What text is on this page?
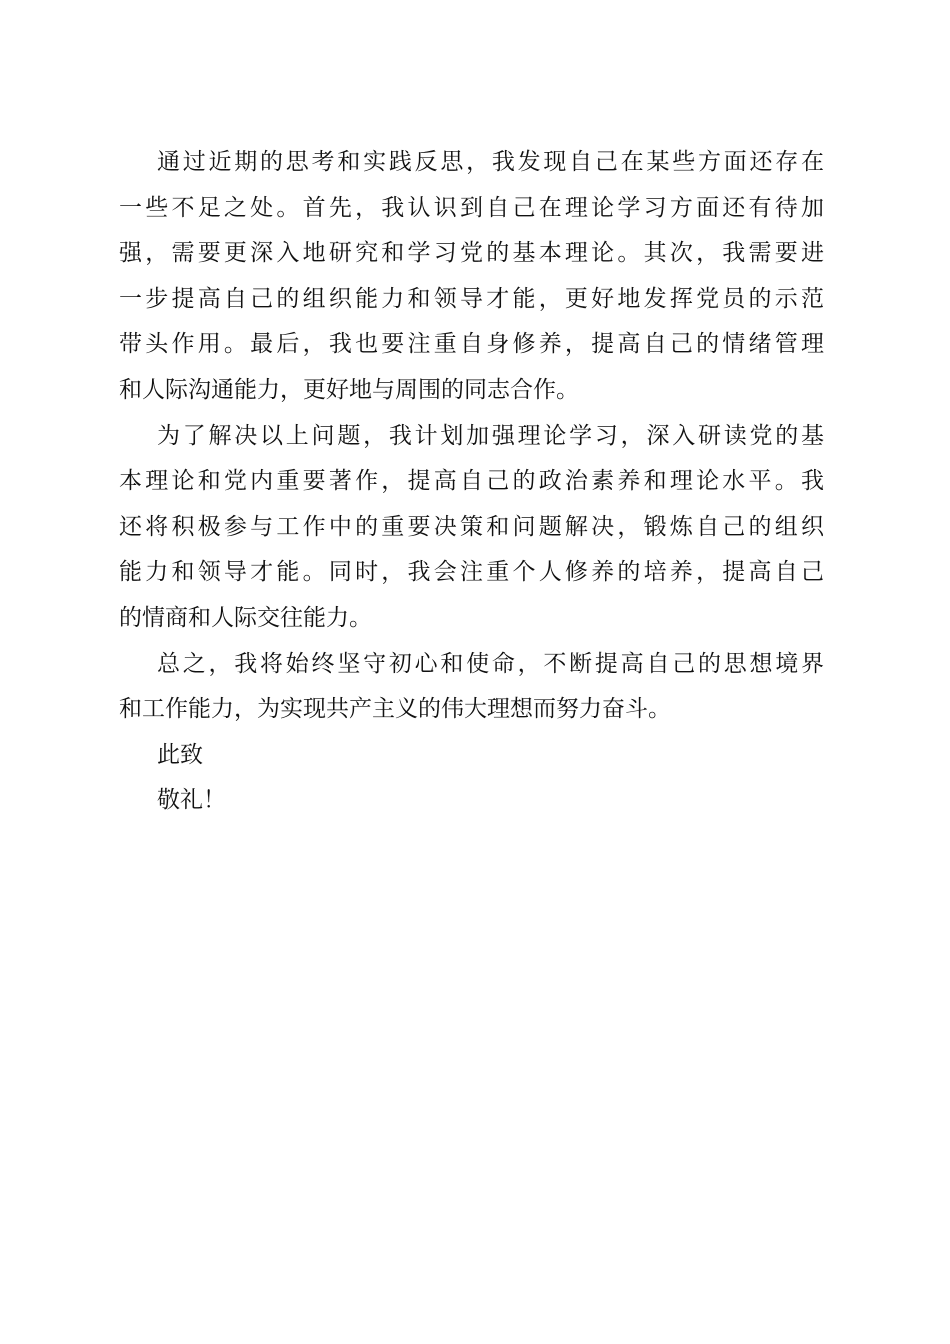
通过近期的思考和实践反思，我发现自己在某些方面还存在
一些不足之处。首先，我认识到自己在理论学习方面还有待加
强，需要更深入地研究和学习党的基本理论。其次，我需要进
一步提高自己的组织能力和领导才能，更好地发挥党员的示范
带头作用。最后，我也要注重自身修养，提高自己的情绪管理
和人际沟通能力，更好地与周围的同志合作。
为了解决以上问题，我计划加强理论学习，深入研读党的基
本理论和党内重要著作，提高自己的政治素养和理论水平。我
还将积极参与工作中的重要决策和问题解决，锻炼自己的组织
能力和领导才能。同时，我会注重个人修养的培养，提高自己
的情商和人际交往能力。
总之，我将始终坚守初心和使命，不断提高自己的思想境界
和工作能力，为实现共产主义的伟大理想而努力奋斗。
此致
敬礼！
